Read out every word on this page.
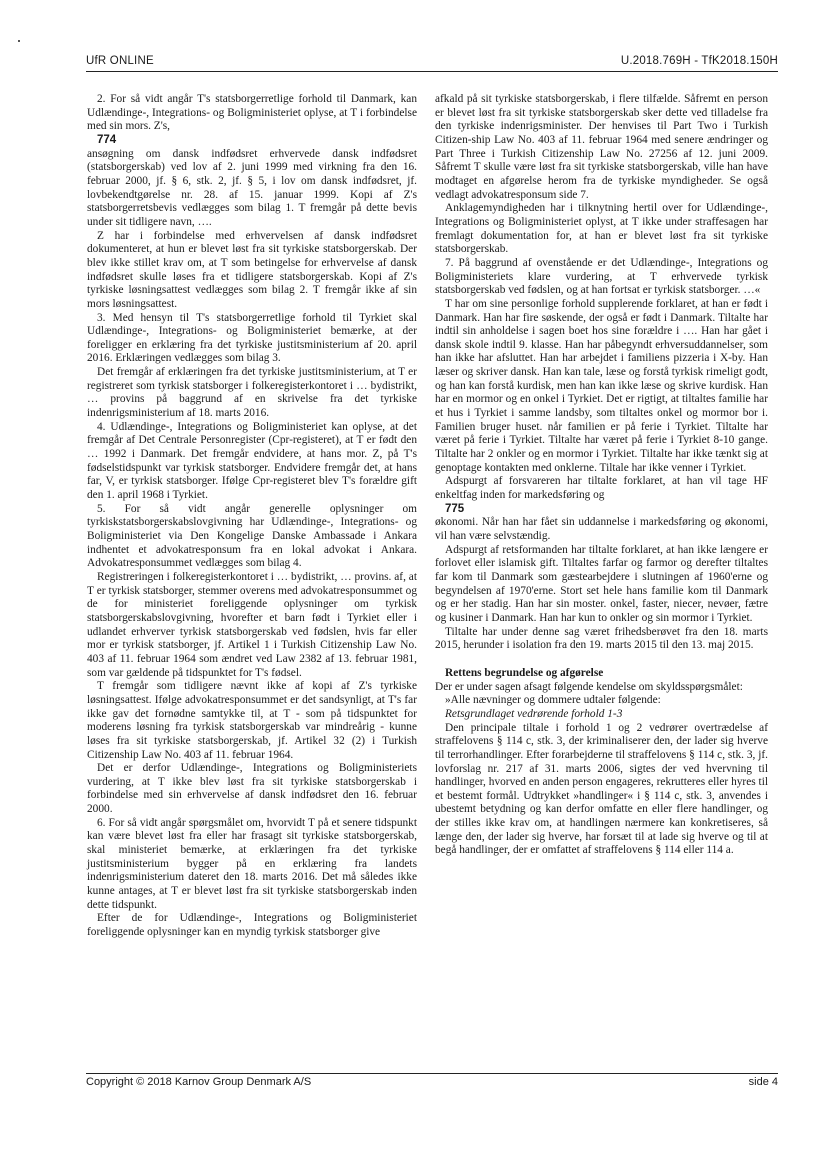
UfR ONLINE	U.2018.769H - TfK2018.150H

2. For så vidt angår T's statsborgerretlige forhold til Danmark, kan Udlændinge-, Integrations- og Boligministeriet oplyse, at T i forbindelse med sin mors. Z's,

774

ansøgning om dansk indfødsret erhvervede dansk indfødsret (statsborgerskab) ved lov af 2. juni 1999 med virkning fra den 16. februar 2000, jf. § 6, stk. 2, jf. § 5, i lov om dansk indfødsret, jf. lovbekendtgørelse nr. 28. af 15. januar 1999. Kopi af Z's statsborgerretsbevis vedlægges som bilag 1. T fremgår på dette bevis under sit tidligere navn, ….

Z har i forbindelse med erhvervelsen af dansk indfødsret dokumenteret, at hun er blevet løst fra sit tyrkiske statsborgerskab. Der blev ikke stillet krav om, at T som betingelse for erhvervelse af dansk indfødsret skulle løses fra et tidligere statsborgerskab. Kopi af Z's tyrkiske løsningsattest vedlægges som bilag 2. T fremgår ikke af sin mors løsningsattest.

3. Med hensyn til T's statsborgerretlige forhold til Tyrkiet skal Udlændinge-, Integrations- og Boligministeriet bemærke, at der foreligger en erklæring fra det tyrkiske justitsministerium af 20. april 2016. Erklæringen vedlægges som bilag 3.

Det fremgår af erklæringen fra det tyrkiske justitsministerium, at T er registreret som tyrkisk statsborger i folkeregisterkontoret i … bydistrikt, … provins på baggrund af en skrivelse fra det tyrkiske indenrigsministerium af 18. marts 2016.

4. Udlændinge-, Integrations og Boligministeriet kan oplyse, at det fremgår af Det Centrale Personregister (Cpr-registeret), at T er født den … 1992 i Danmark. Det fremgår endvidere, at hans mor. Z, på T's fødselstidspunkt var tyrkisk statsborger. Endvidere fremgår det, at hans far, V, er tyrkisk statsborger. Ifølge Cpr-registeret blev T's forældre gift den 1. april 1968 i Tyrkiet.

5. For så vidt angår generelle oplysninger om tyrkiskstatsborgerskabslovgivning har Udlændinge-, Integrations- og Boligministeriet via Den Kongelige Danske Ambassade i Ankara indhentet et advokatresponsum fra en lokal advokat i Ankara. Advokatresponsummet vedlægges som bilag 4.

Registreringen i folkeregisterkontoret i … bydistrikt, … provins. af, at T er tyrkisk statsborger, stemmer overens med advokatresponsummet og de for ministeriet foreliggende oplysninger om tyrkisk statsborgerskabslovgivning, hvorefter et barn født i Tyrkiet eller i udlandet erhverver tyrkisk statsborgerskab ved fødslen, hvis far eller mor er tyrkisk statsborger, jf. Artikel 1 i Turkish Citizenship Law No. 403 af 11. februar 1964 som ændret ved Law 2382 af 13. februar 1981, som var gældende på tidspunktet for T's fødsel.

T fremgår som tidligere nævnt ikke af kopi af Z's tyrkiske løsningsattest. Ifølge advokatresponsummet er det sandsynligt, at T's far ikke gav det fornødne samtykke til, at T - som på tidspunktet for moderens løsning fra tyrkisk statsborgerskab var mindreårig - kunne løses fra sit tyrkiske statsborgerskab, jf. Artikel 32 (2) i Turkish Citizenship Law No. 403 af 11. februar 1964.

Det er derfor Udlændinge-, Integrations og Boligministeriets vurdering, at T ikke blev løst fra sit tyrkiske statsborgerskab i forbindelse med sin erhvervelse af dansk indfødsret den 16. februar 2000.

6. For så vidt angår spørgsmålet om, hvorvidt T på et senere tidspunkt kan være blevet løst fra eller har frasagt sit tyrkiske statsborgerskab, skal ministeriet bemærke, at erklæringen fra det tyrkiske justitsministerium bygger på en erklæring fra landets indenrigsministerium dateret den 18. marts 2016. Det må således ikke kunne antages, at T er blevet løst fra sit tyrkiske statsborgerskab inden dette tidspunkt.

Efter de for Udlændinge-, Integrations og Boligministeriet foreliggende oplysninger kan en myndig tyrkisk statsborger give

afkald på sit tyrkiske statsborgerskab, i flere tilfælde. Såfremt en person er blevet løst fra sit tyrkiske statsborgerskab sker dette ved tilladelse fra den tyrkiske indenrigsminister. Der henvises til Part Two i Turkish Citizen-ship Law No. 403 af 11. februar 1964 med senere ændringer og Part Three i Turkish Citizenship Law No. 27256 af 12. juni 2009. Såfremt T skulle være løst fra sit tyrkiske statsborgerskab, ville han have modtaget en afgørelse herom fra de tyrkiske myndigheder. Se også vedlagt advokatresponsum side 7.

Anklagemyndigheden har i tilknytning hertil over for Udlændinge-, Integrations og Boligministeriet oplyst, at T ikke under straffesagen har fremlagt dokumentation for, at han er blevet løst fra sit tyrkiske statsborgerskab.

7. På baggrund af ovenstående er det Udlændinge-, Integrations og Boligministeriets klare vurdering, at T erhvervede tyrkisk statsborgerskab ved fødslen, og at han fortsat er tyrkisk statsborger. …«

T har om sine personlige forhold supplerende forklaret, at han er født i Danmark. Han har fire søskende, der også er født i Danmark. Tiltalte har indtil sin anholdelse i sagen boet hos sine forældre i …. Han har gået i dansk skole indtil 9. klasse. Han har påbegyndt erhversuddannelser, som han ikke har afsluttet. Han har arbejdet i familiens pizzeria i X-by. Han læser og skriver dansk. Han kan tale, læse og forstå tyrkisk rimeligt godt, og han kan forstå kurdisk, men han kan ikke læse og skrive kurdisk. Han har en mormor og en onkel i Tyrkiet. Det er rigtigt, at tiltaltes familie har et hus i Tyrkiet i samme landsby, som tiltaltes onkel og mormor bor i. Familien bruger huset. når familien er på ferie i Tyrkiet. Tiltalte har været på ferie i Tyrkiet. Tiltalte har været på ferie i Tyrkiet 8-10 gange. Tiltalte har 2 onkler og en mormor i Tyrkiet. Tiltalte har ikke tænkt sig at genoptage kontakten med onklerne. Tiltale har ikke venner i Tyrkiet.

Adspurgt af forsvareren har tiltalte forklaret, at han vil tage HF enkeltfag inden for markedsføring og

775

økonomi. Når han har fået sin uddannelse i markedsføring og økonomi, vil han være selvstændig.

Adspurgt af retsformanden har tiltalte forklaret, at han ikke længere er forlovet eller islamisk gift. Tiltaltes farfar og farmor og derefter tiltaltes far kom til Danmark som gæstearbejdere i slutningen af 1960'erne og begyndelsen af 1970'erne. Stort set hele hans familie kom til Danmark og er her stadig. Han har sin moster. onkel, faster, niecer, nevøer, fætre og kusiner i Danmark. Han har kun to onkler og sin mormor i Tyrkiet.

Tiltalte har under denne sag været frihedsberøvet fra den 18. marts 2015, herunder i isolation fra den 19. marts 2015 til den 13. maj 2015.

Rettens begrundelse og afgørelse

Der er under sagen afsagt følgende kendelse om skyldsspørgsmålet:

»Alle nævninger og dommere udtaler følgende:

Retsgrundlaget vedrørende forhold 1-3

Den principale tiltale i forhold 1 og 2 vedrører overtrædelse af straffelovens § 114 c, stk. 3, der kriminaliserer den, der lader sig hverve til terrorhandlinger. Efter forarbejderne til straffelovens § 114 c, stk. 3, jf. lovforslag nr. 217 af 31. marts 2006, sigtes der ved hvervning til handlinger, hvorved en anden person engageres, rekrutteres eller hyres til et bestemt formål. Udtrykket »handlinger« i § 114 c, stk. 3, anvendes i ubestemt betydning og kan derfor omfatte en eller flere handlinger, og der stilles ikke krav om, at handlingen nærmere kan konkretiseres, så længe den, der lader sig hverve, har forsæt til at lade sig hverve og til at begå handlinger, der er omfattet af straffelovens § 114 eller 114 a.

Copyright © 2018 Karnov Group Denmark A/S	side 4
